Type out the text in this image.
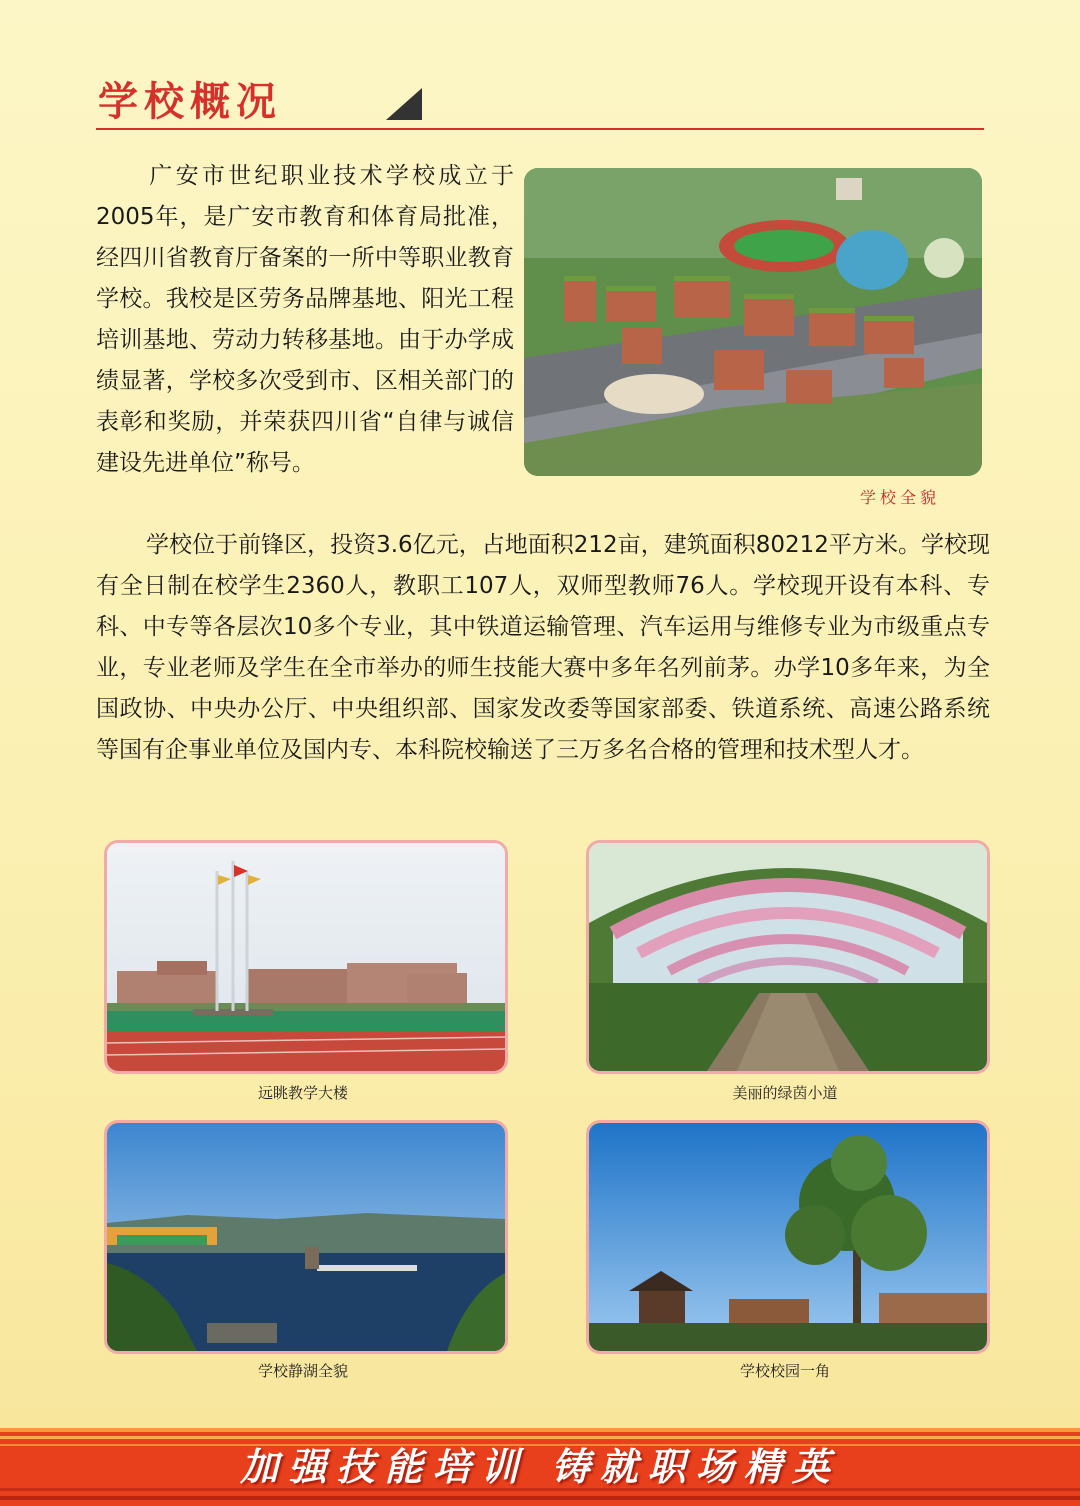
学校概况

广安市世纪职业技术学校成立于2005年，是广安市教育和体育局批准，经四川省教育厅备案的一所中等职业教育学校。我校是区劳务品牌基地、阳光工程培训基地、劳动力转移基地。由于办学成绩显著，学校多次受到市、区相关部门的表彰和奖励，并荣获四川省“自律与诚信建设先进单位”称号。

学校全貌

学校位于前锋区，投资3.6亿元，占地面积212亩，建筑面积80212平方米。学校现有全日制在校学生2360人，教职工107人，双师型教师76人。学校现开设有本科、专科、中专等各层次10多个专业，其中铁道运输管理、汽车运用与维修专业为市级重点专业，专业老师及学生在全市举办的师生技能大赛中多年名列前茅。办学10多年来，为全国政协、中央办公厅、中央组织部、国家发改委等国家部委、铁道系统、高速公路系统等国有企事业单位及国内专、本科院校输送了三万多名合格的管理和技术型人才。

远眺教学大楼	美丽的绿茵小道
学校静湖全貌	学校校园一角
加强技能培训 铸就职场精英
